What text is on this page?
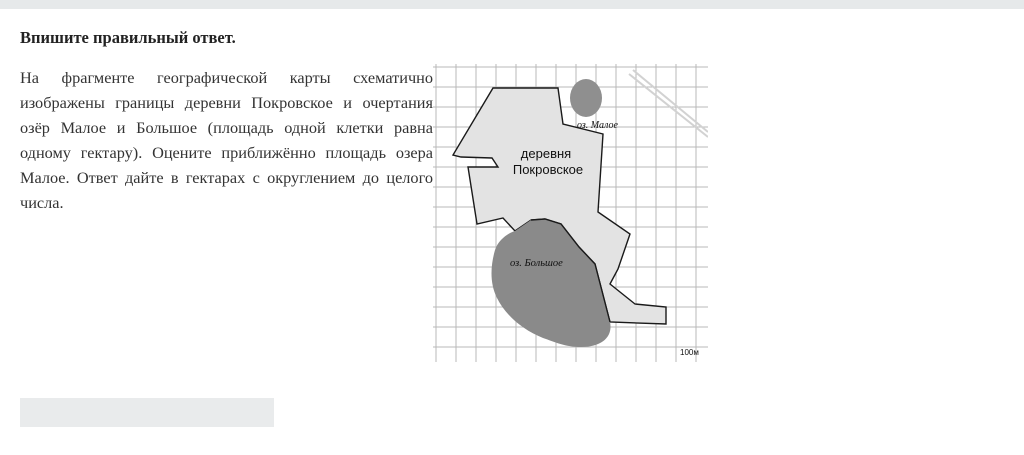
Впишите правильный ответ.
На фрагменте географической карты схематично изображены границы деревни Покровское и очертания озёр Малое и Большое (площадь одной клетки равна одному гектару). Оцените приближённо площадь озера Малое. Ответ дайте в гектарах с округлением до целого числа.
деревня
Покровское
оз. Малое
оз. Большое
100м
